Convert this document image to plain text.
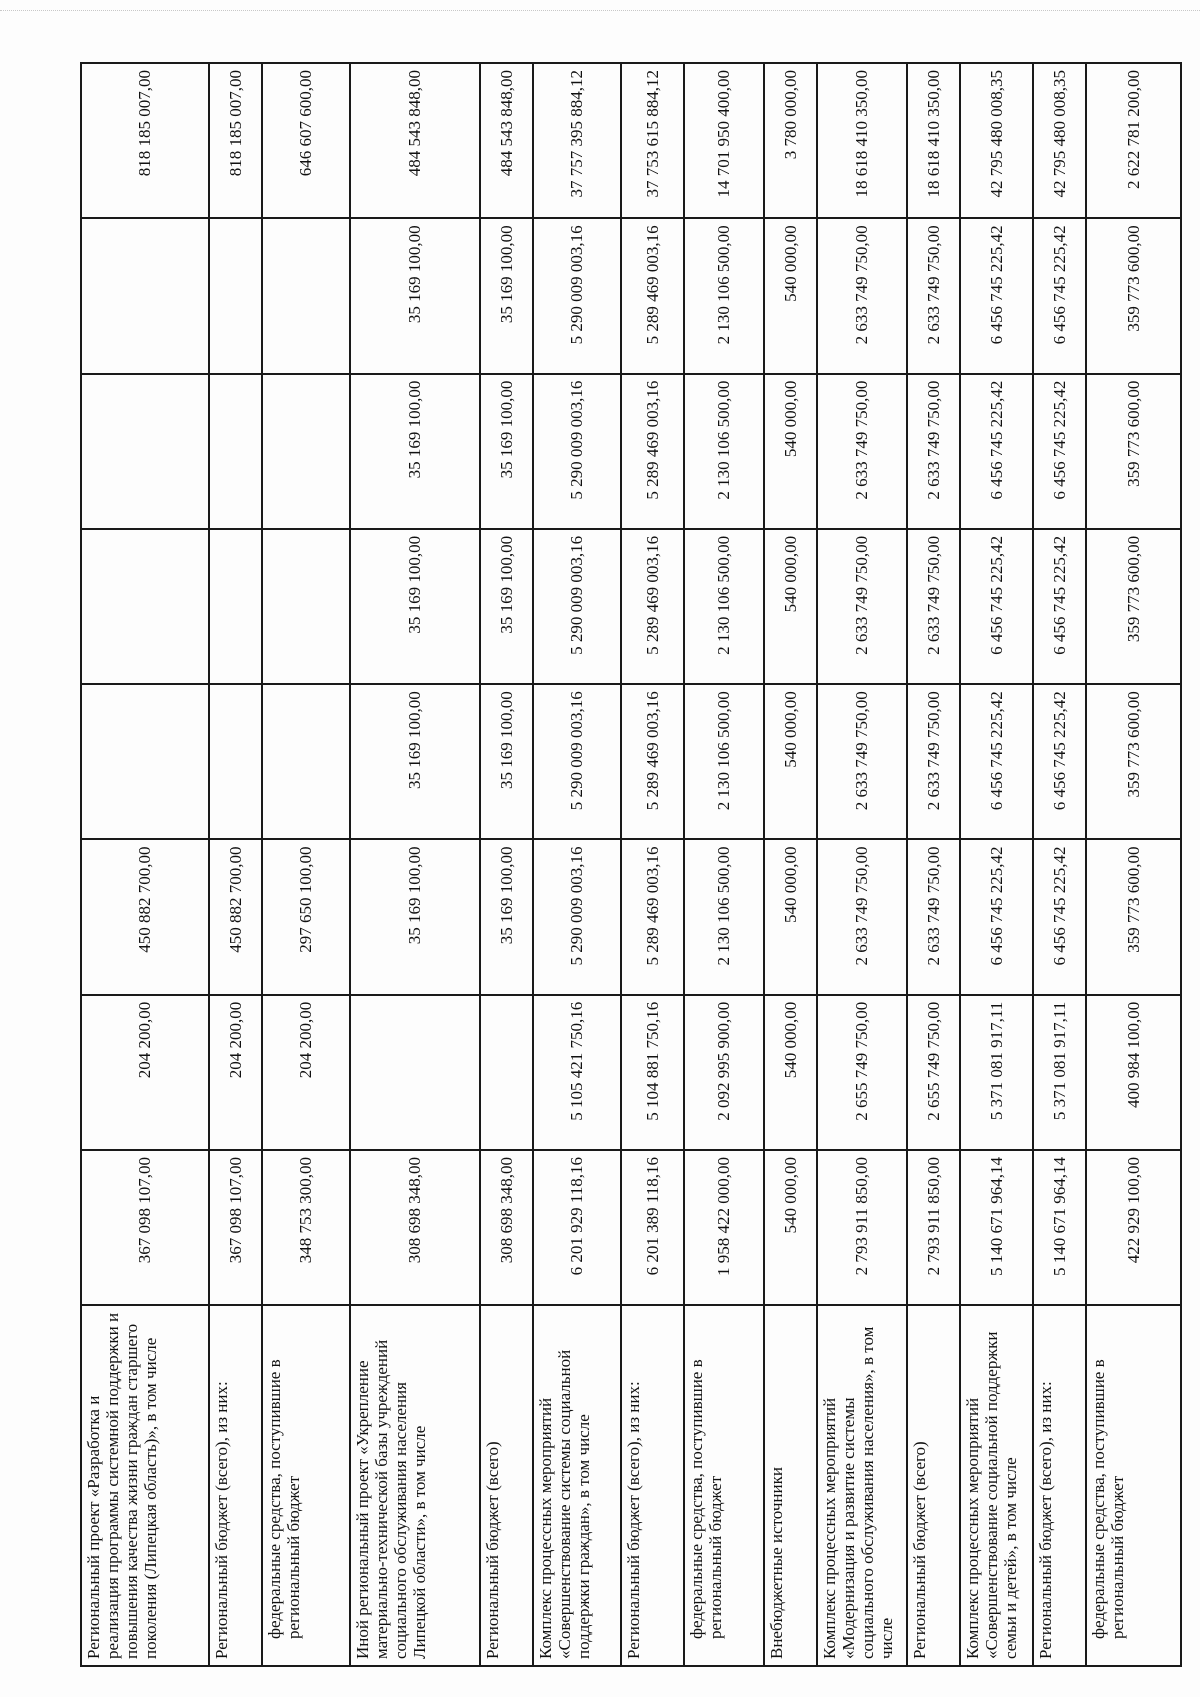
Региональный проект «Разработка и реализация программы системной поддержки и повышения качества жизни граждан старшего поколения (Липецкая область)», в том числе	367 098 107,00	204 200,00	450 882 700,00					818 185 007,00
Региональный бюджет (всего), из них:	367 098 107,00	204 200,00	450 882 700,00					818 185 007,00
федеральные средства, поступившие в региональный бюджет	348 753 300,00	204 200,00	297 650 100,00					646 607 600,00
Иной региональный проект «Укрепление материально-технической базы учреждений социального обслуживания населения Липецкой области», в том числе	308 698 348,00		35 169 100,00	35 169 100,00	35 169 100,00	35 169 100,00	35 169 100,00	484 543 848,00
Региональный бюджет (всего)	308 698 348,00		35 169 100,00	35 169 100,00	35 169 100,00	35 169 100,00	35 169 100,00	484 543 848,00
Комплекс процессных мероприятий «Совершенствование системы социальной поддержки граждан», в том числе	6 201 929 118,16	5 105 421 750,16	5 290 009 003,16	5 290 009 003,16	5 290 009 003,16	5 290 009 003,16	5 290 009 003,16	37 757 395 884,12
Региональный бюджет (всего), из них:	6 201 389 118,16	5 104 881 750,16	5 289 469 003,16	5 289 469 003,16	5 289 469 003,16	5 289 469 003,16	5 289 469 003,16	37 753 615 884,12
федеральные средства, поступившие в региональный бюджет	1 958 422 000,00	2 092 995 900,00	2 130 106 500,00	2 130 106 500,00	2 130 106 500,00	2 130 106 500,00	2 130 106 500,00	14 701 950 400,00
Внебюджетные источники	540 000,00	540 000,00	540 000,00	540 000,00	540 000,00	540 000,00	540 000,00	3 780 000,00
Комплекс процессных мероприятий «Модернизация и развитие системы социального обслуживания населения», в том числе	2 793 911 850,00	2 655 749 750,00	2 633 749 750,00	2 633 749 750,00	2 633 749 750,00	2 633 749 750,00	2 633 749 750,00	18 618 410 350,00
Региональный бюджет (всего)	2 793 911 850,00	2 655 749 750,00	2 633 749 750,00	2 633 749 750,00	2 633 749 750,00	2 633 749 750,00	2 633 749 750,00	18 618 410 350,00
Комплекс процессных мероприятий «Совершенствование социальной поддержки семьи и детей», в том числе	5 140 671 964,14	5 371 081 917,11	6 456 745 225,42	6 456 745 225,42	6 456 745 225,42	6 456 745 225,42	6 456 745 225,42	42 795 480 008,35
Региональный бюджет (всего), из них:	5 140 671 964,14	5 371 081 917,11	6 456 745 225,42	6 456 745 225,42	6 456 745 225,42	6 456 745 225,42	6 456 745 225,42	42 795 480 008,35
федеральные средства, поступившие в региональный бюджет	422 929 100,00	400 984 100,00	359 773 600,00	359 773 600,00	359 773 600,00	359 773 600,00	359 773 600,00	2 622 781 200,00
